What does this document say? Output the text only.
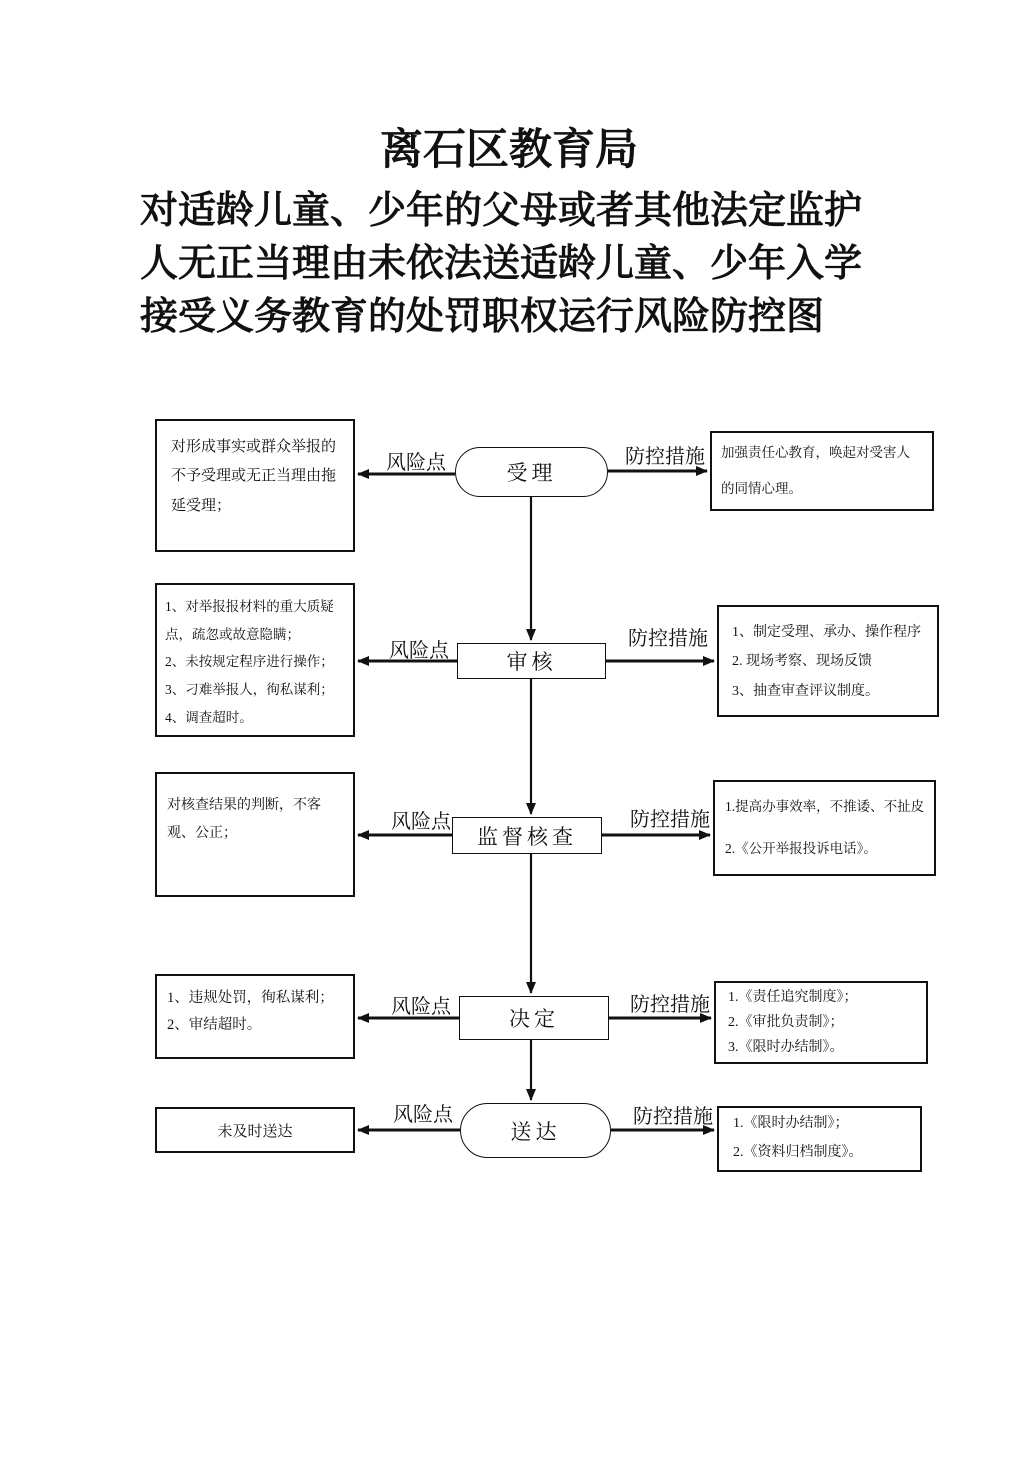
离石区教育局
对适龄儿童、少年的父母或者其他法定监护
人无正当理由未依法送适龄儿童、少年入学
接受义务教育的处罚职权运行风险防控图

对形成事实或群众举报的不予受理或无正当理由拖延受理；

风险点	受理
防控措施	加强责任心教育，唤起对受害人的同情心理。

1、对举报报材料的重大质疑点，疏忽或故意隐瞒；

2、未按规定程序进行操作；

3、刁难举报人，徇私谋利；

4、调查超时。

风险点	审核
防控措施	1、制定受理、承办、操作程序

2. 现场考察、现场反馈

3、抽查审查评议制度。

对核查结果的判断，不客观、公正；	风险点
监督核查
防控措施

1.提高办事效率，不推诿、不扯皮

2.《公开举报投诉电话》。

1、违规处罚，徇私谋利；

2、审结超时。

风险点	决定
防控措施	1.《责任追究制度》；

2.《审批负责制》；

3.《限时办结制》。

未及时送达

风险点
送达
防控措施	1.《限时办结制》；

2.《资料归档制度》。
